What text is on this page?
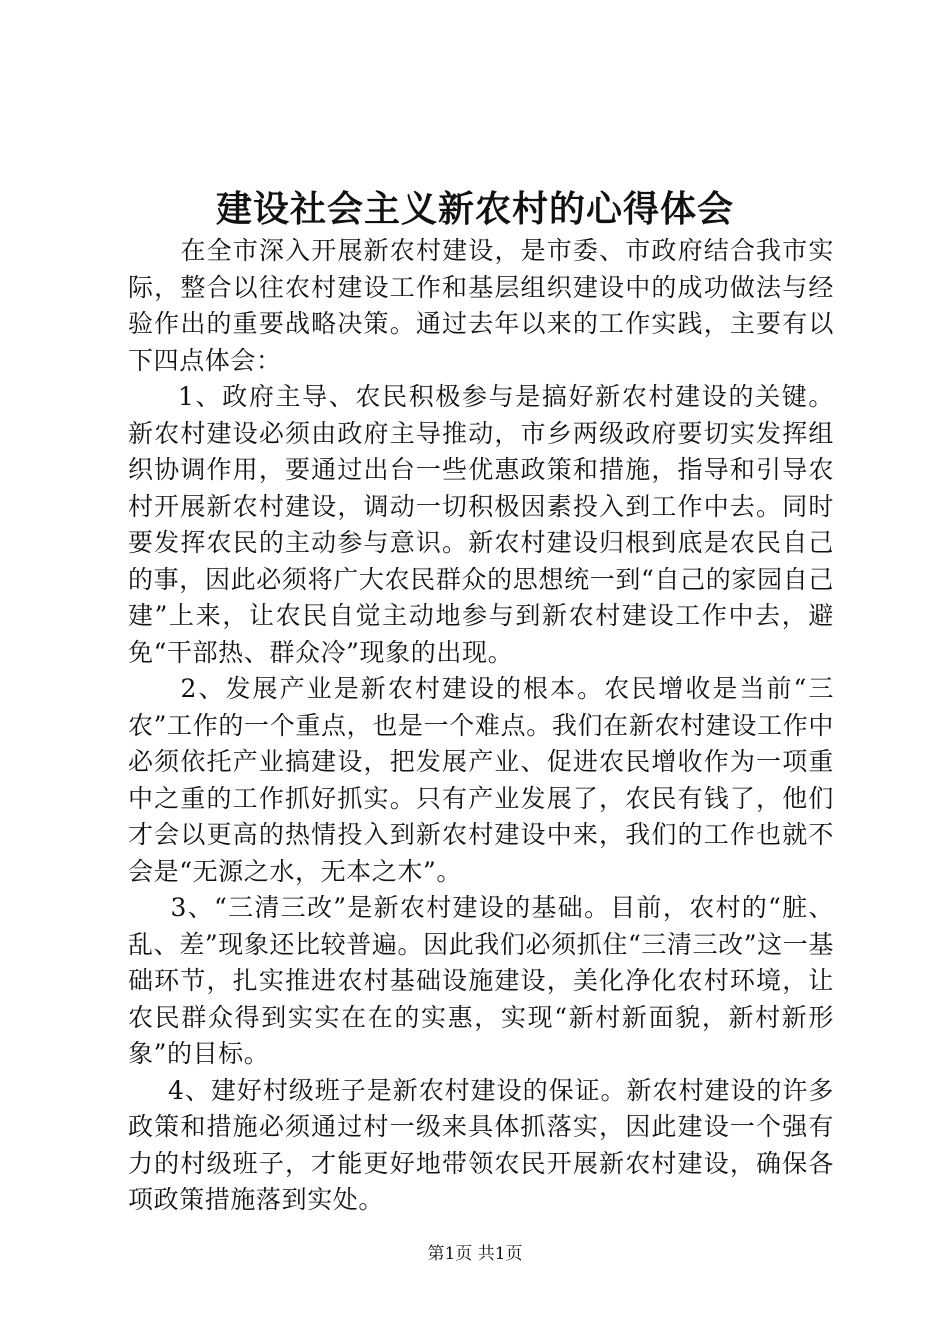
建设社会主义新农村的心得体会

在全市深入开展新农村建设，是市委、市政府结合我市实际，整合以往农村建设工作和基层组织建设中的成功做法与经验作出的重要战略决策。通过去年以来的工作实践，主要有以下四点体会：

1、政府主导、农民积极参与是搞好新农村建设的关键。新农村建设必须由政府主导推动，市乡两级政府要切实发挥组织协调作用，要通过出台一些优惠政策和措施，指导和引导农村开展新农村建设，调动一切积极因素投入到工作中去。同时要发挥农民的主动参与意识。新农村建设归根到底是农民自己的事，因此必须将广大农民群众的思想统一到“自己的家园自己建”上来，让农民自觉主动地参与到新农村建设工作中去，避免“干部热、群众冷”现象的出现。

2、发展产业是新农村建设的根本。农民增收是当前“三农”工作的一个重点，也是一个难点。我们在新农村建设工作中必须依托产业搞建设，把发展产业、促进农民增收作为一项重中之重的工作抓好抓实。只有产业发展了，农民有钱了，他们才会以更高的热情投入到新农村建设中来，我们的工作也就不会是“无源之水，无本之木”。

3、“三清三改”是新农村建设的基础。目前，农村的“脏、乱、差”现象还比较普遍。因此我们必须抓住“三清三改”这一基础环节，扎实推进农村基础设施建设，美化净化农村环境，让农民群众得到实实在在的实惠，实现“新村新面貌，新村新形象”的目标。

4、建好村级班子是新农村建设的保证。新农村建设的许多政策和措施必须通过村一级来具体抓落实，因此建设一个强有力的村级班子，才能更好地带领农民开展新农村建设，确保各项政策措施落到实处。

第1页 共1页
